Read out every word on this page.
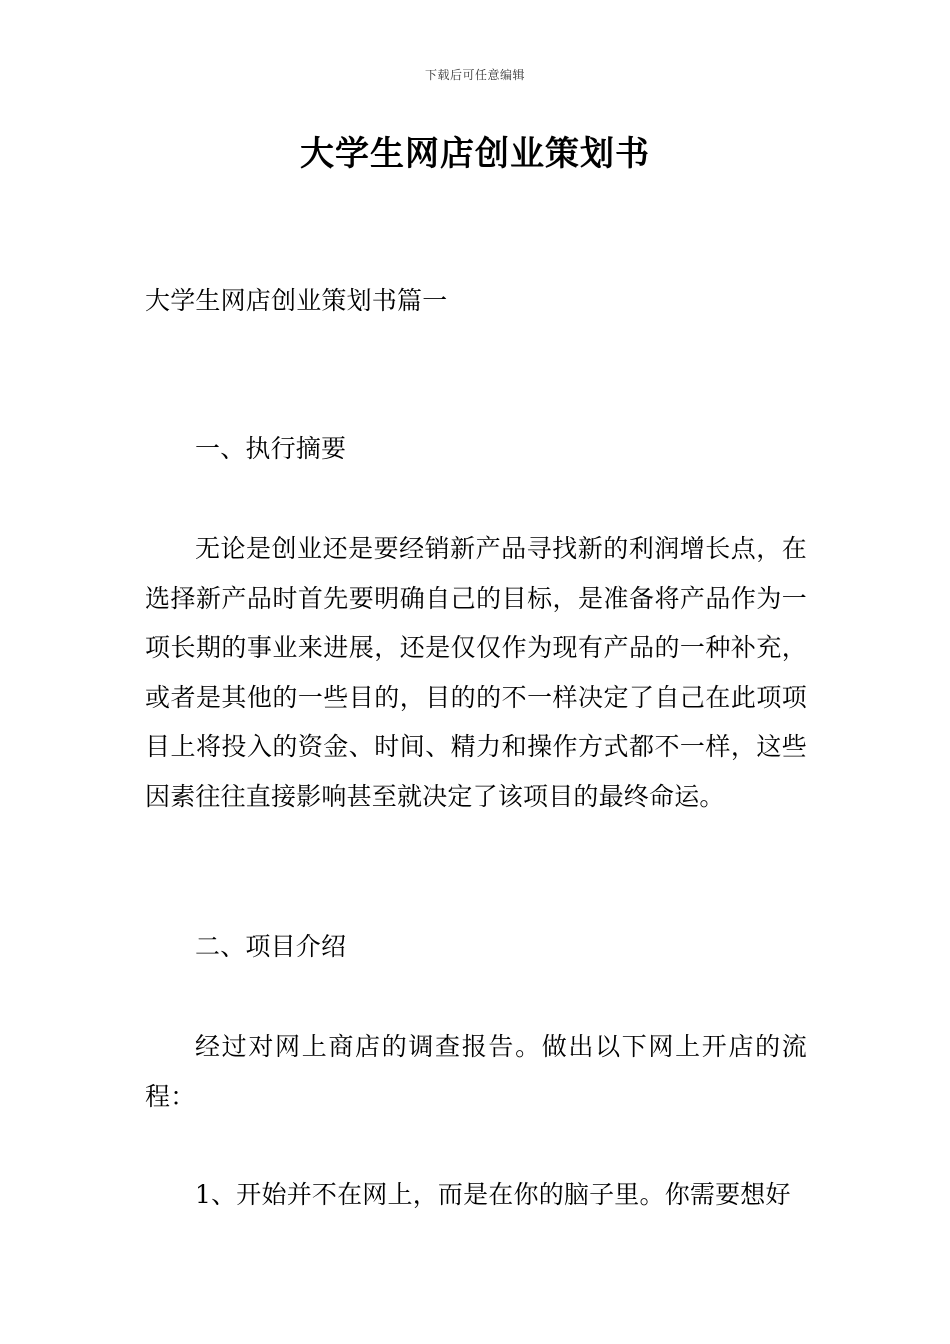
下载后可任意编辑
大学生网店创业策划书
大学生网店创业策划书篇一
一、执行摘要
无论是创业还是要经销新产品寻找新的利润增长点，在选择新产品时首先要明确自己的目标，是准备将产品作为一项长期的事业来进展，还是仅仅作为现有产品的一种补充，或者是其他的一些目的，目的的不一样决定了自己在此项项目上将投入的资金、时间、精力和操作方式都不一样，这些因素往往直接影响甚至就决定了该项目的最终命运。
二、项目介绍
经过对网上商店的调查报告。做出以下网上开店的流程：
1、开始并不在网上，而是在你的脑子里。你需要想好
